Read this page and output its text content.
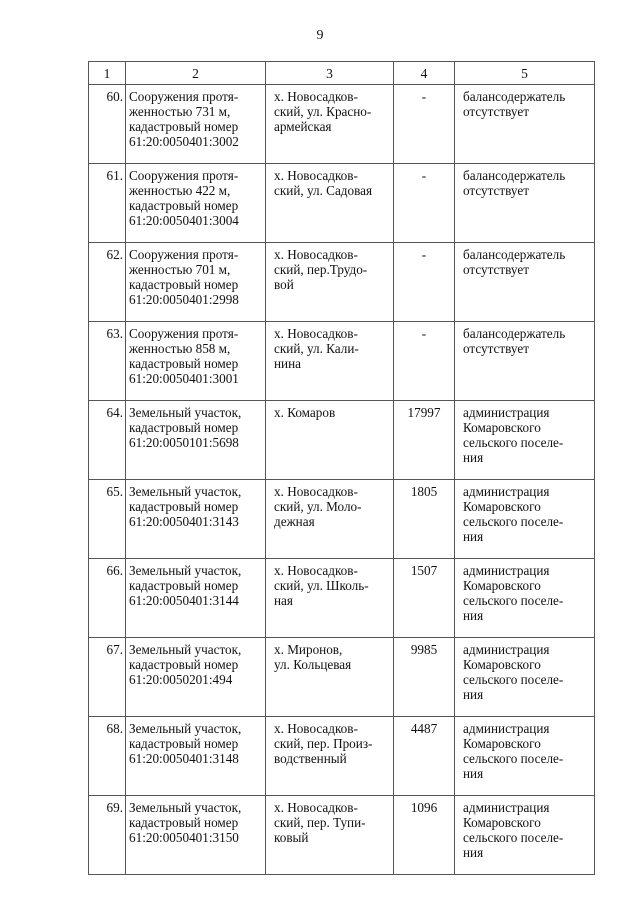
9
1	2	3	4	5
60.	Сооружения протя-
женностью 731 м,
кадастровый номер
61:20:0050401:3002	х. Новосадков-
ский, ул. Красно-
армейская	-	балансодержатель
отсутствует

61.	Сооружения протя-
женностью 422 м,
кадастровый номер
61:20:0050401:3004	х. Новосадков-
ский, ул. Садовая	-	балансодержатель
отсутствует

62.	Сооружения протя-
женностью 701 м,
кадастровый номер
61:20:0050401:2998	х. Новосадков-
ский, пер.Трудо-
вой	-	балансодержатель
отсутствует

63.	Сооружения протя-
женностью 858 м,
кадастровый номер
61:20:0050401:3001	х. Новосадков-
ский, ул. Кали-
нина	-	балансодержатель
отсутствует

64.	Земельный участок,
кадастровый номер
61:20:0050101:5698	х. Комаров	17997	администрация
Комаровского
сельского поселе-
ния

65.	Земельный участок,
кадастровый номер
61:20:0050401:3143	х. Новосадков-
ский, ул. Моло-
дежная	1805	администрация
Комаровского
сельского поселе-
ния

66.	Земельный участок,
кадастровый номер
61:20:0050401:3144	х. Новосадков-
ский, ул. Школь-
ная	1507	администрация
Комаровского
сельского поселе-
ния

67.	Земельный участок,
кадастровый номер
61:20:0050201:494	х. Миронов,
ул. Кольцевая	9985	администрация
Комаровского
сельского поселе-
ния

68.	Земельный участок,
кадастровый номер
61:20:0050401:3148	х. Новосадков-
ский, пер. Произ-
водственный	4487	администрация
Комаровского
сельского поселе-
ния

69.	Земельный участок,
кадастровый номер
61:20:0050401:3150	х. Новосадков-
ский, пер. Тупи-
ковый	1096	администрация
Комаровского
сельского поселе-
ния
